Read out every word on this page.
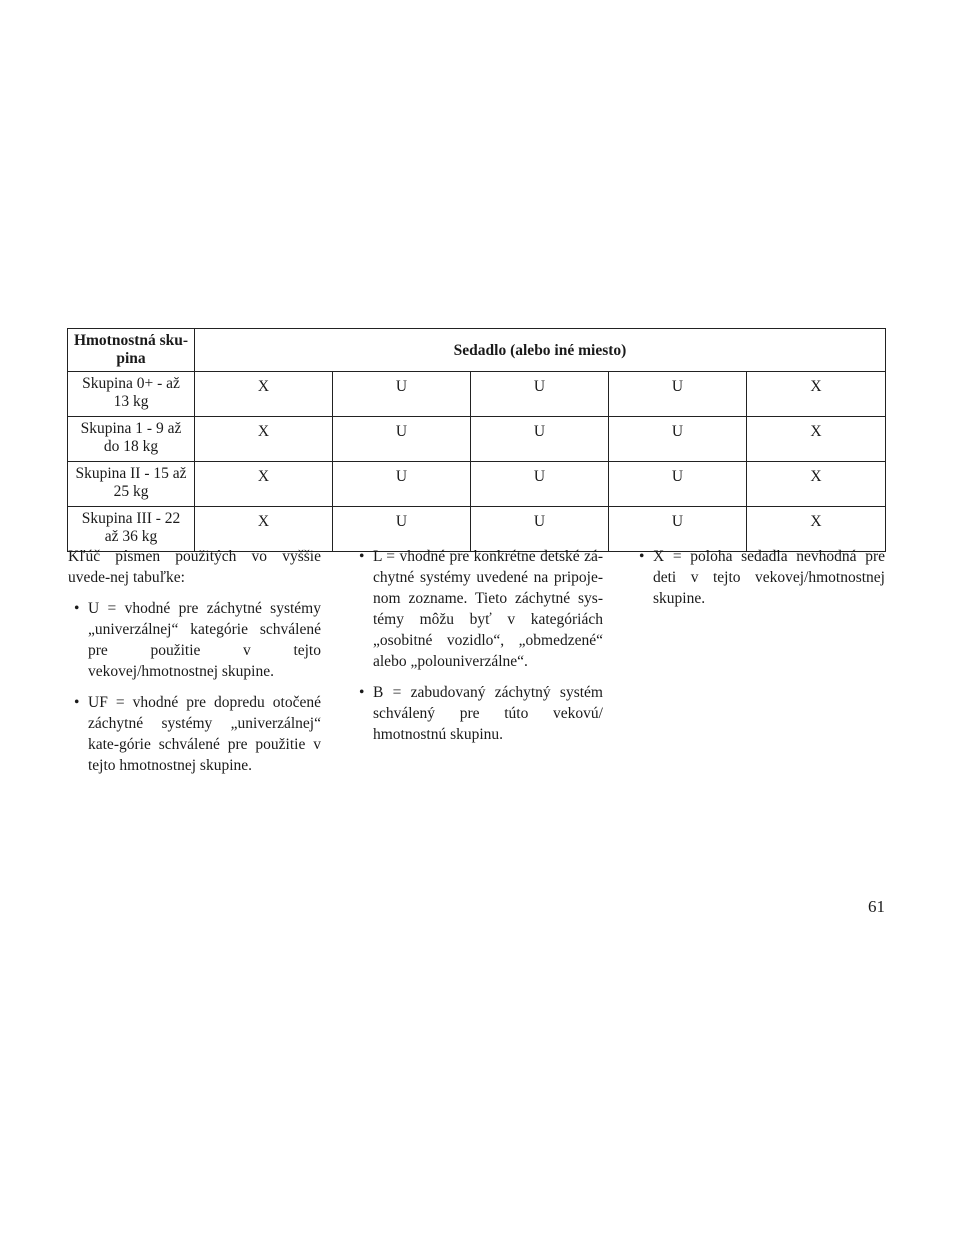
Hmotnostná sku-pina	Sedadlo (alebo iné miesto)				
Skupina 0+ - až 13 kg	X	U	U	U	X
Skupina 1 - 9 až do 18 kg	X	U	U	U	X
Skupina II - 15 až 25 kg	X	U	U	U	X
Skupina III - 22 až 36 kg	X	U	U	U	X

Kľúč písmen použitých vo vyššie uvede-nej tabuľke:

• U = vhodné pre záchytné systémy „univerzálnej“ kategórie schválené pre použitie v tejto vekovej/hmotnostnej skupine.
• UF = vhodné pre dopredu otočené záchytné systémy „univerzálnej“ kate-górie schválené pre použitie v tejto hmotnostnej skupine.
• L = vhodné pre konkrétne detské zá-chytné systémy uvedené na pripoje-nom zozname. Tieto záchytné sys-témy môžu byť v kategóriách „osobitné vozidlo“, „obmedzené“ alebo „polouniverzálne“.
• B = zabudovaný záchytný systém schválený pre túto vekovú/ hmotnostnú skupinu.
• X = poloha sedadla nevhodná pre deti v tejto vekovej/hmotnostnej skupine.
61
